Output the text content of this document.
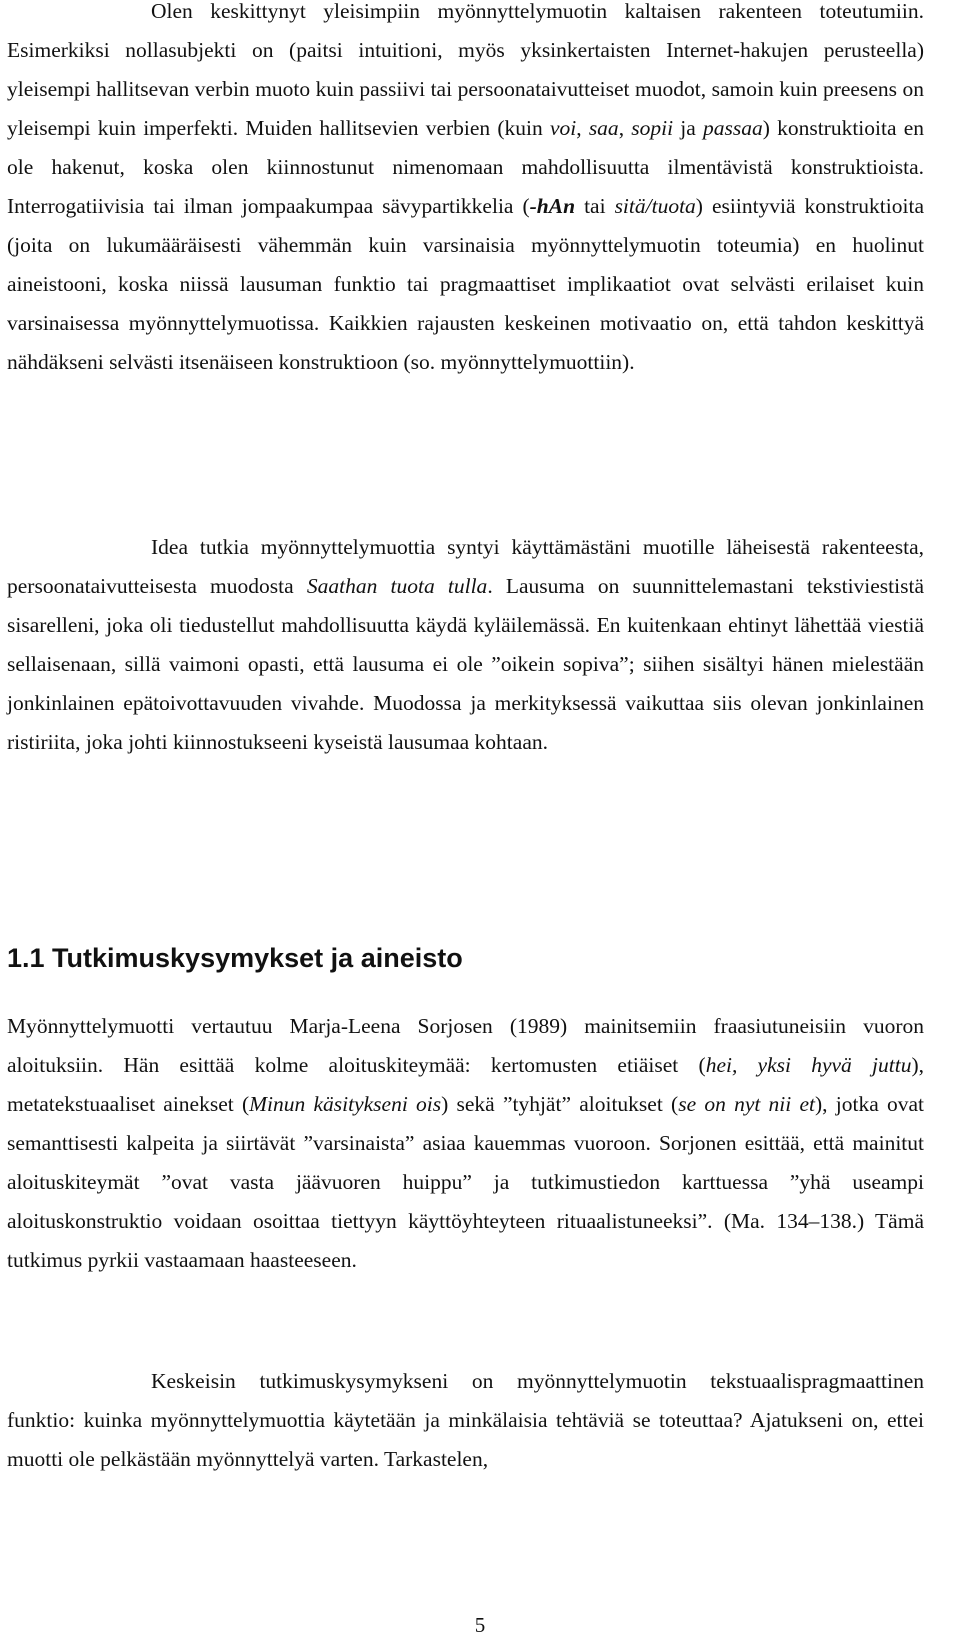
Olen keskittynyt yleisimpiin myönnyttelymuotin kaltaisen rakenteen toteutumiin. Esimerkiksi nollasubjekti on (paitsi intuitioni, myös yksinkertaisten Internet-hakujen perusteella) yleisempi hallitsevan verbin muoto kuin passiivi tai persoonataivutteiset muodot, samoin kuin preesens on yleisempi kuin imperfekti. Muiden hallitsevien verbien (kuin voi, saa, sopii ja passaa) konstruktioita en ole hakenut, koska olen kiinnostunut nimenomaan mahdollisuutta ilmentävistä konstruktioista. Interrogatiivisia tai ilman jompaakumpaa sävypartikkelia (-hAn tai sitä/tuota) esiintyviä konstruktioita (joita on lukumääräisesti vähemmän kuin varsinaisia myönnyttelymuotin toteumia) en huolinut aineistooni, koska niissä lausuman funktio tai pragmaattiset implikaatiot ovat selvästi erilaiset kuin varsinaisessa myönnyttelymuotissa. Kaikkien rajausten keskeinen motivaatio on, että tahdon keskittyä nähdäkseni selvästi itsenäiseen konstruktioon (so. myönnyttelymuottiin).

Idea tutkia myönnyttelymuottia syntyi käyttämästäni muotille läheisestä rakenteesta, persoonataivutteisesta muodosta Saathan tuota tulla. Lausuma on suunnittelemastani tekstiviestistä sisarelleni, joka oli tiedustellut mahdollisuutta käydä kyläilemässä. En kuitenkaan ehtinyt lähettää viestiä sellaisenaan, sillä vaimoni opasti, että lausuma ei ole ”oikein sopiva”; siihen sisältyi hänen mielestään jonkinlainen epätoivottavuuden vivahde. Muodossa ja merkityksessä vaikuttaa siis olevan jonkinlainen ristiriita, joka johti kiinnostukseeni kyseistä lausumaa kohtaan.

1.1 Tutkimuskysymykset ja aineisto

Myönnyttelymuotti vertautuu Marja-Leena Sorjosen (1989) mainitsemiin fraasiutuneisiin vuoron aloituksiin. Hän esittää kolme aloituskiteymää: kertomusten etiäiset (hei, yksi hyvä juttu), metatekstuaaliset ainekset (Minun käsitykseni ois) sekä ”tyhjät” aloitukset (se on nyt nii et), jotka ovat semanttisesti kalpeita ja siirtävät ”varsinaista” asiaa kauemmas vuoroon. Sorjonen esittää, että mainitut aloituskiteymät ”ovat vasta jäävuoren huippu” ja tutkimustiedon karttuessa ”yhä useampi aloituskonstruktio voidaan osoittaa tiettyyn käyttöyhteyteen rituaalistuneeksi”. (Ma. 134–138.) Tämä tutkimus pyrkii vastaamaan haasteeseen.

Keskeisin tutkimuskysymykseni on myönnyttelymuotin tekstuaalispragmaattinen funktio: kuinka myönnyttelymuottia käytetään ja minkälaisia tehtäviä se toteuttaa? Ajatukseni on, ettei muotti ole pelkästään myönnyttelyä varten. Tarkastelen,

5
